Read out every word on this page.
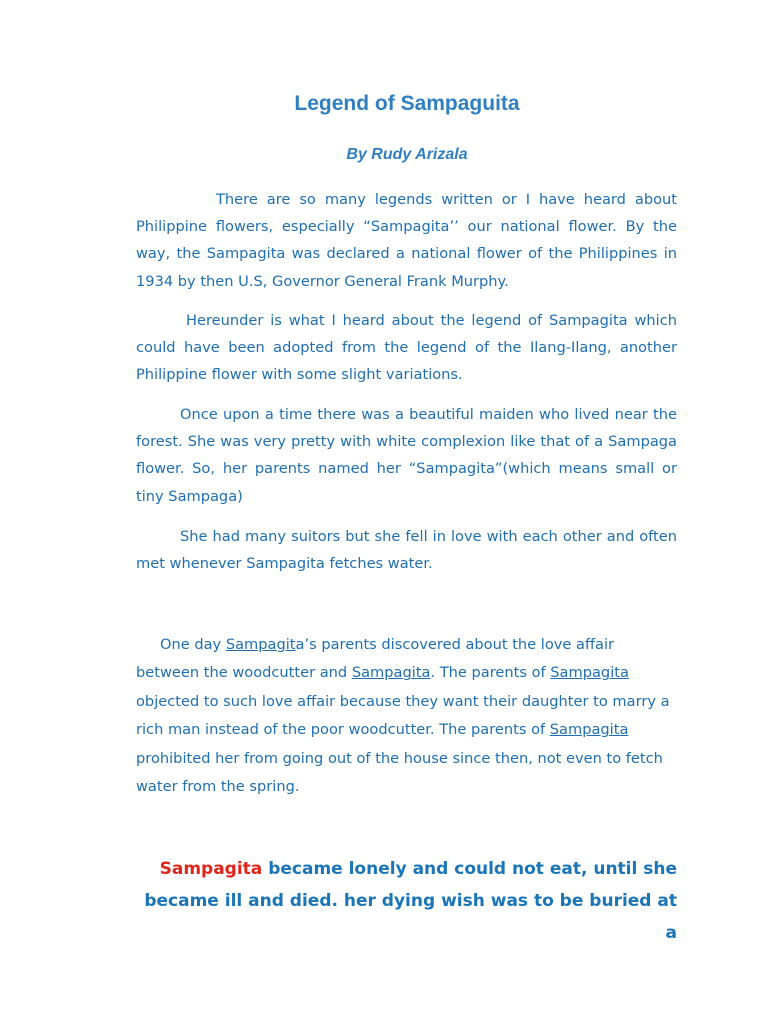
Legend of Sampaguita
By Rudy Arizala

There are so many legends written or I have heard about Philippine flowers, especially “Sampagita’’ our national flower. By the way, the Sampagita was declared a national flower of the Philippines in 1934 by then U.S, Governor General Frank Murphy.

Hereunder is what I heard about the legend of Sampagita which could have been adopted from the legend of the Ilang-Ilang, another Philippine flower with some slight variations.

Once upon a time there was a beautiful maiden who lived near the forest. She was very pretty with white complexion like that of a Sampaga flower. So, her parents named her “Sampagita”(which means small or tiny Sampaga)

She had many suitors but she fell in love with each other and often met whenever Sampagita fetches water.

One day Sampagita’s parents discovered about the love affair between the woodcutter and Sampagita. The parents of Sampagita objected to such love affair because they want their daughter to marry a rich man instead of the poor woodcutter. The parents of Sampagita prohibited her from going out of the house since then, not even to fetch water from the spring.

Sampagita became lonely and could not eat, until she
became ill and died. her dying wish was to be buried at a
